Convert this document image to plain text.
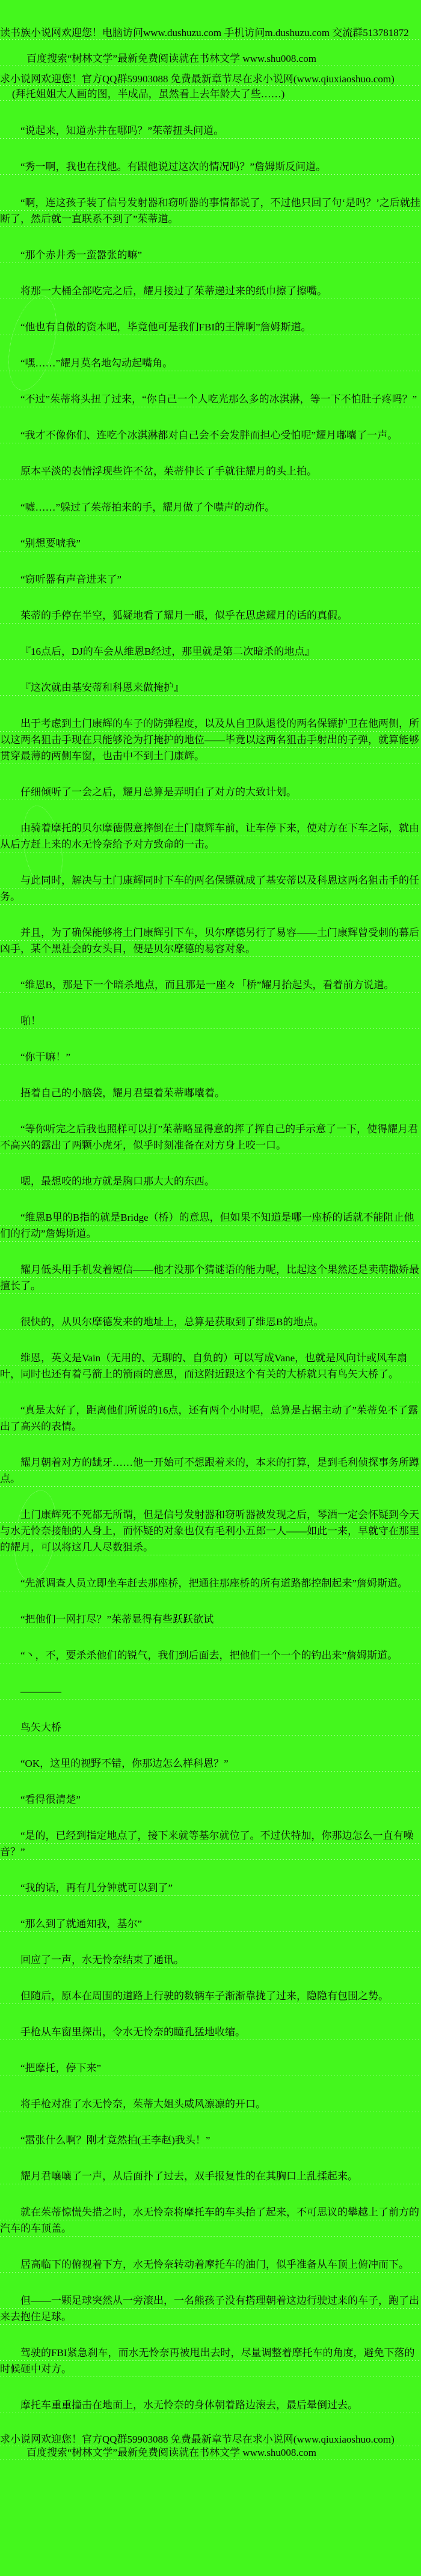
读书族小说网欢迎您！电脑访问www.dushuzu.com 手机访问m.dushuzu.com 交流群513781872
百度搜索“树林文学”最新免费阅读就在书林文学 www.shu008.com
求小说网欢迎您！官方QQ群59903088 免费最新章节尽在求小说网(www.qiuxiaoshuo.com)
(拜托姐姐大人画的图，半成品，虽然看上去年龄大了些……)

“说起来，知道赤井在哪吗？”茱蒂扭头问道。

“秀一啊，我也在找他。有跟他说过这次的情况吗？”詹姆斯反问道。

“啊，连这孩子装了信号发射器和窃听器的事情都说了，不过他只回了句‘是吗？’之后就挂断了，然后就一直联系不到了”茱蒂道。

“那个赤井秀一蛮嚣张的嘛”

将那一大桶全部吃完之后，耀月接过了茱蒂递过来的纸巾擦了擦嘴。

“他也有自傲的资本吧，毕竟他可是我们FBI的王牌啊”詹姆斯道。

“嘿……”耀月莫名地勾动起嘴角。

“不过”茱蒂将头扭了过来，“你自己一个人吃光那么多的冰淇淋，等一下不怕肚子疼吗？”

“我才不像你们、连吃个冰淇淋都对自己会不会发胖而担心受怕呢”耀月嘟囔了一声。

原本平淡的表情浮现些许不岔，茱蒂伸长了手就往耀月的头上拍。

“嘘……”躲过了茱蒂拍来的手，耀月做了个噤声的动作。

“别想要唬我”

“窃听器有声音进来了”

茱蒂的手停在半空，狐疑地看了耀月一眼，似乎在思虑耀月的话的真假。

『16点后，DJ的车会从维恩B经过，那里就是第二次暗杀的地点』

『这次就由基安蒂和科恩来做掩护』

出于考虑到土门康辉的车子的防弹程度，以及从自卫队退役的两名保镖护卫在他两侧，所以这两名狙击手现在只能够沦为打掩护的地位——毕竟以这两名狙击手射出的子弹，就算能够贯穿最薄的两侧车窗，也击中不到土门康辉。

仔细倾听了一会之后，耀月总算是弄明白了对方的大致计划。

由骑着摩托的贝尔摩德假意摔倒在土门康辉车前，让车停下来，使对方在下车之际，就由从后方赶上来的水无怜奈给予对方致命的一击。

与此同时，解决与土门康辉同时下车的两名保镖就成了基安蒂以及科恩这两名狙击手的任务。

并且，为了确保能够将土门康辉引下车，贝尔摩德另行了易容——土门康辉曾受刺的幕后凶手，某个黑社会的女头目，便是贝尔摩德的易容对象。

“维恩B，那是下一个暗杀地点，而且那是一座々「桥”耀月抬起头，看着前方说道。

啪！

“你干嘛！”

捂着自己的小脑袋，耀月君望着茱蒂嘟囔着。

“等你听完之后我也照样可以打”茱蒂略显得意的挥了挥自己的手示意了一下，使得耀月君不高兴的露出了两颗小虎牙，似乎时刻准备在对方身上咬一口。

嗯，最想咬的地方就是胸口那大大的东西。

“维恩B里的B指的就是Bridge（桥）的意思，但如果不知道是哪一座桥的话就不能阻止他们的行动”詹姆斯道。

耀月低头用手机发着短信——他才没那个猜谜语的能力呢，比起这个果然还是卖萌撒娇最擅长了。

很快的，从贝尔摩德发来的地址上，总算是获取到了维恩B的地点。

维恩，英文是Vain（无用的、无聊的、自负的）可以写成Vane，也就是风向计或风车扇叶，同时也还有着弓箭上的箭雨的意思，而这附近跟这个有关的大桥就只有鸟矢大桥了。

“真是太好了，距离他们所说的16点，还有两个小时呢，总算是占据主动了”茱蒂免不了露出了高兴的表情。

耀月朝着对方的龇牙……他一开始可不想跟着来的，本来的打算，是到毛利侦探事务所蹲点。

土门康辉死不死都无所谓，但是信号发射器和窃听器被发现之后，琴酒一定会怀疑到今天与水无怜奈接触的人身上，而怀疑的对象也仅有毛利小五郎一人——如此一来，早就守在那里的耀月，可以将这几人尽数狙杀。

“先派调查人员立即坐车赶去那座桥，把通往那座桥的所有道路都控制起来”詹姆斯道。

“把他们一网打尽？”茱蒂显得有些跃跃欲试

“丶，不，要杀杀他们的锐气，我们到后面去，把他们一个一个的钓出来”詹姆斯道。

————

鸟矢大桥

“OK，这里的视野不错，你那边怎么样科恩？”

“看得很清楚”

“是的，已经到指定地点了，接下来就等基尔就位了。不过伏特加，你那边怎么一直有噪音？”

“我的话，再有几分钟就可以到了”

“那么到了就通知我，基尔”

回应了一声，水无怜奈结束了通讯。

但随后，原本在周围的道路上行驶的数辆车子渐渐靠拢了过来，隐隐有包围之势。

手枪从车窗里探出，令水无怜奈的瞳孔猛地收缩。

“把摩托，停下来”

将手枪对准了水无怜奈，茱蒂大姐头威风凛凛的开口。

“嚣张什么啊？刚才竟然拍(王李赵)我头！”

耀月君嚷嚷了一声，从后面扑了过去，双手报复性的在其胸口上乱揉起来。

就在茱蒂惊慌失措之时，水无怜奈将摩托车的车头抬了起来，不可思议的攀越上了前方的汽车的车顶盖。

居高临下的俯视着下方，水无怜奈转动着摩托车的油门，似乎准备从车顶上俯冲而下。

但——一颗足球突然从一旁滚出，一名熊孩子没有搭理朝着这边行驶过来的车子，跑了出来去抱住足球。

驾驶的FBI紧急刹车，而水无怜奈再被甩出去时，尽量调整着摩托车的角度，避免下落的时候砸中对方。

摩托车重重撞击在地面上，水无怜奈的身体朝着路边滚去，最后晕倒过去。

求小说网欢迎您！官方QQ群59903088 免费最新章节尽在求小说网(www.qiuxiaoshuo.com)
百度搜索“树林文学”最新免费阅读就在书林文学 www.shu008.com
